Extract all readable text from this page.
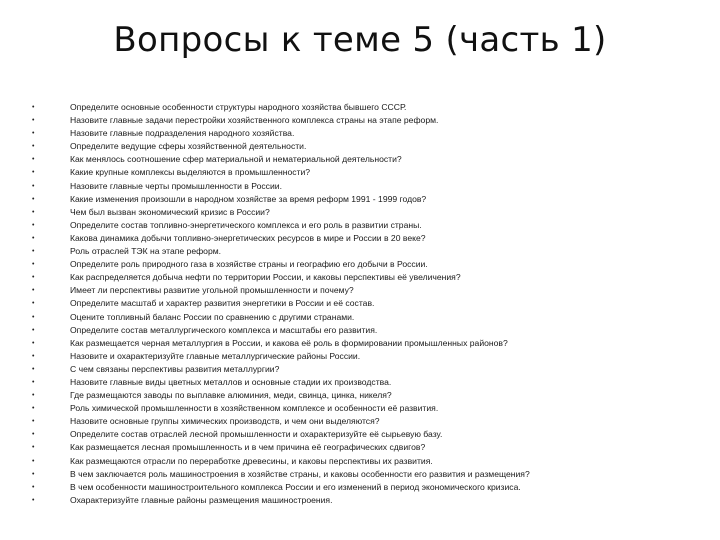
Вопросы к теме 5 (часть 1)
•	Определите основные особенности структуры народного хозяйства бывшего СССР.
•	Назовите главные задачи перестройки хозяйственного комплекса страны на этапе реформ.
•	Назовите главные подразделения народного хозяйства.
•	Определите ведущие сферы хозяйственной деятельности.
•	Как менялось соотношение сфер материальной и нематериальной деятельности?
•	Какие крупные комплексы выделяются в промышленности?
•	Назовите главные черты промышленности в России.
•	Какие изменения произошли в народном хозяйстве за время реформ 1991 - 1999 годов?
•	Чем был вызван экономический кризис в России?
•	Определите состав топливно-энергетического комплекса и его роль в развитии страны.
•	Какова динамика добычи топливно-энергетических ресурсов в мире и России в 20 веке?
•	Роль отраслей ТЭК на этапе реформ.
•	Определите роль природного газа в хозяйстве страны и географию его добычи в России.
•	Как распределяется добыча нефти по территории России, и каковы перспективы её увеличения?
•	Имеет ли перспективы развитие угольной промышленности и почему?
•	Определите масштаб и характер развития энергетики в России и её состав.
•	Оцените топливный баланс России по сравнению с другими странами.
•	Определите состав металлургического комплекса и масштабы его развития.
•	Как размещается черная металлургия в России, и какова её роль в формировании промышленных районов?
•	Назовите и охарактеризуйте главные металлургические районы России.
•	С чем связаны перспективы развития металлургии?
•	Назовите главные виды цветных металлов и основные стадии их производства.
•	Где размещаются заводы по выплавке алюминия, меди, свинца, цинка, никеля?
•	Роль химической промышленности в хозяйственном комплексе и особенности её развития.
•	Назовите основные группы химических производств, и чем они выделяются?
•	Определите состав отраслей лесной промышленности и охарактеризуйте её сырьевую базу.
•	Как размещается лесная промышленность и в чем причина её географических сдвигов?
•	Как размещаются отрасли по переработке древесины, и каковы перспективы их развития.
•	В чем заключается роль машиностроения в хозяйстве страны, и каковы особенности его развития и размещения?
•	В чем особенности машиностроительного комплекса России и его изменений в период экономического кризиса.
•	Охарактеризуйте главные районы размещения машиностроения.
